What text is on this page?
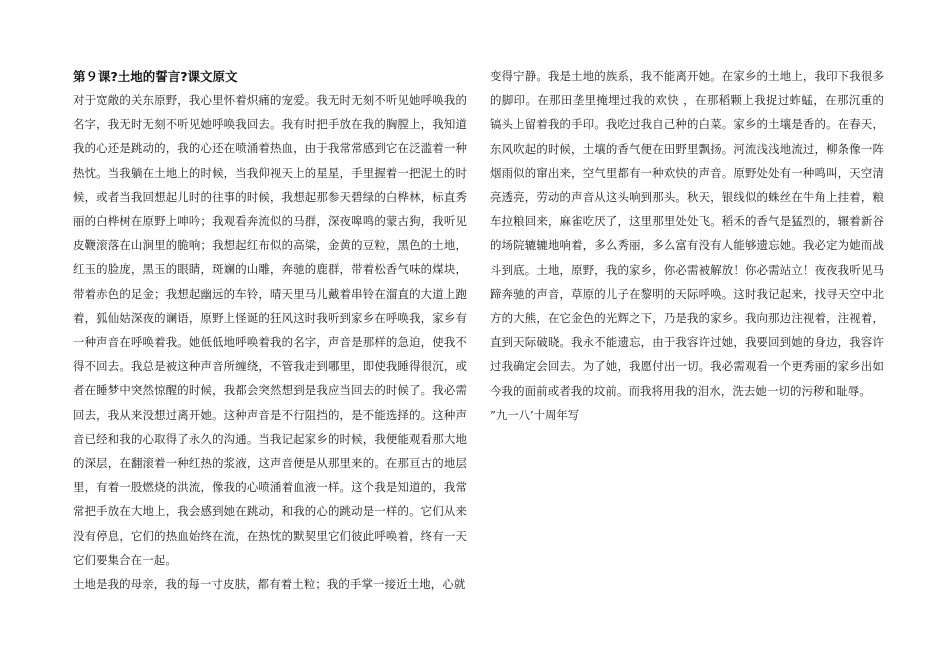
第９课?土地的誓言?课文原文

对于宽敞的关东原野，我心里怀着炽痛的宠爱。我无时无刻不听见她呼唤我的名字，我无时无刻不听见她呼唤我回去。我有时把手放在我的胸膛上，我知道我的心还是跳动的，我的心还在喷涌着热血，由于我常常感到它在泛滥着一种热忱。当我躺在土地上的时候，当我仰视天上的星星，手里握着一把泥土的时候，或者当我回想起儿时的往事的时候，我想起那参天碧绿的白桦林，标直秀丽的白桦树在原野上呻吟；我观看奔流似的马群，深夜嗥鸣的蒙古狗，我听见皮鞭滚落在山涧里的脆响；我想起红布似的高粱，金黄的豆粒，黑色的土地，红玉的脸庞，黑玉的眼睛，斑斓的山雕，奔驰的鹿群，带着松香气味的煤块，带着赤色的足金；我想起幽远的车铃，晴天里马儿戴着串铃在溜直的大道上跑着，狐仙姑深夜的谰语，原野上怪诞的狂风这时我听到家乡在呼唤我，家乡有一种声音在呼唤着我。她低低地呼唤着我的名字，声音是那样的急迫，使我不得不回去。我总是被这种声音所缠绕，不管我走到哪里，即使我睡得很沉，或者在睡梦中突然惊醒的时候，我都会突然想到是我应当回去的时候了。我必需回去，我从来没想过离开她。这种声音是不行阻挡的，是不能选择的。这种声音已经和我的心取得了永久的沟通。当我记起家乡的时候，我便能观看那大地的深层，在翻滚着一种红热的浆液，这声音便是从那里来的。在那亘古的地层里，有着一股燃烧的洪流，像我的心喷涌着血液一样。这个我是知道的，我常常把手放在大地上，我会感到她在跳动，和我的心的跳动是一样的。它们从来没有停息，它们的热血始终在流，在热忱的默契里它们彼此呼唤着，终有一天它们要集合在一起。

土地是我的母亲，我的每一寸皮肤，都有着土粒；我的手掌一接近土地，心就

变得宁静。我是土地的族系，我不能离开她。在家乡的土地上，我印下我很多的脚印。在那田垄里掩埋过我的欢快 ，在那稻颗上我捉过蚱蜢，在那沉重的镐头上留着我的手印。我吃过我自己种的白菜。家乡的土壤是香的。在春天，东风吹起的时候，土壤的香气便在田野里飘扬。河流浅浅地流过，柳条像一阵烟雨似的窜出来，空气里都有一种欢快的声音。原野处处有一种鸣叫，天空清亮透亮，劳动的声音从这头响到那头。秋天，银线似的蛛丝在牛角上挂着，粮车拉粮回来，麻雀吃厌了，这里那里处处飞。稻禾的香气是猛烈的，辗着新谷的场院辘辘地响着，多么秀丽，多么富有没有人能够遗忘她。我必定为她而战斗到底。土地，原野，我的家乡，你必需被解放！你必需站立！夜夜我听见马蹄奔驰的声音，草原的儿子在黎明的天际呼唤。这时我记起来，找寻天空中北方的大熊，在它金色的光辉之下，乃是我的家乡。我向那边注视着，注视着，直到天际破晓。我永不能遗忘，由于我容许过她，我要回到她的身边，我容许过我确定会回去。为了她，我愿付出一切。我必需观看一个更秀丽的家乡出如今我的面前或者我的坟前。而我将用我的泪水，洗去她一切的污秽和耻辱。

”九一八’十周年写
